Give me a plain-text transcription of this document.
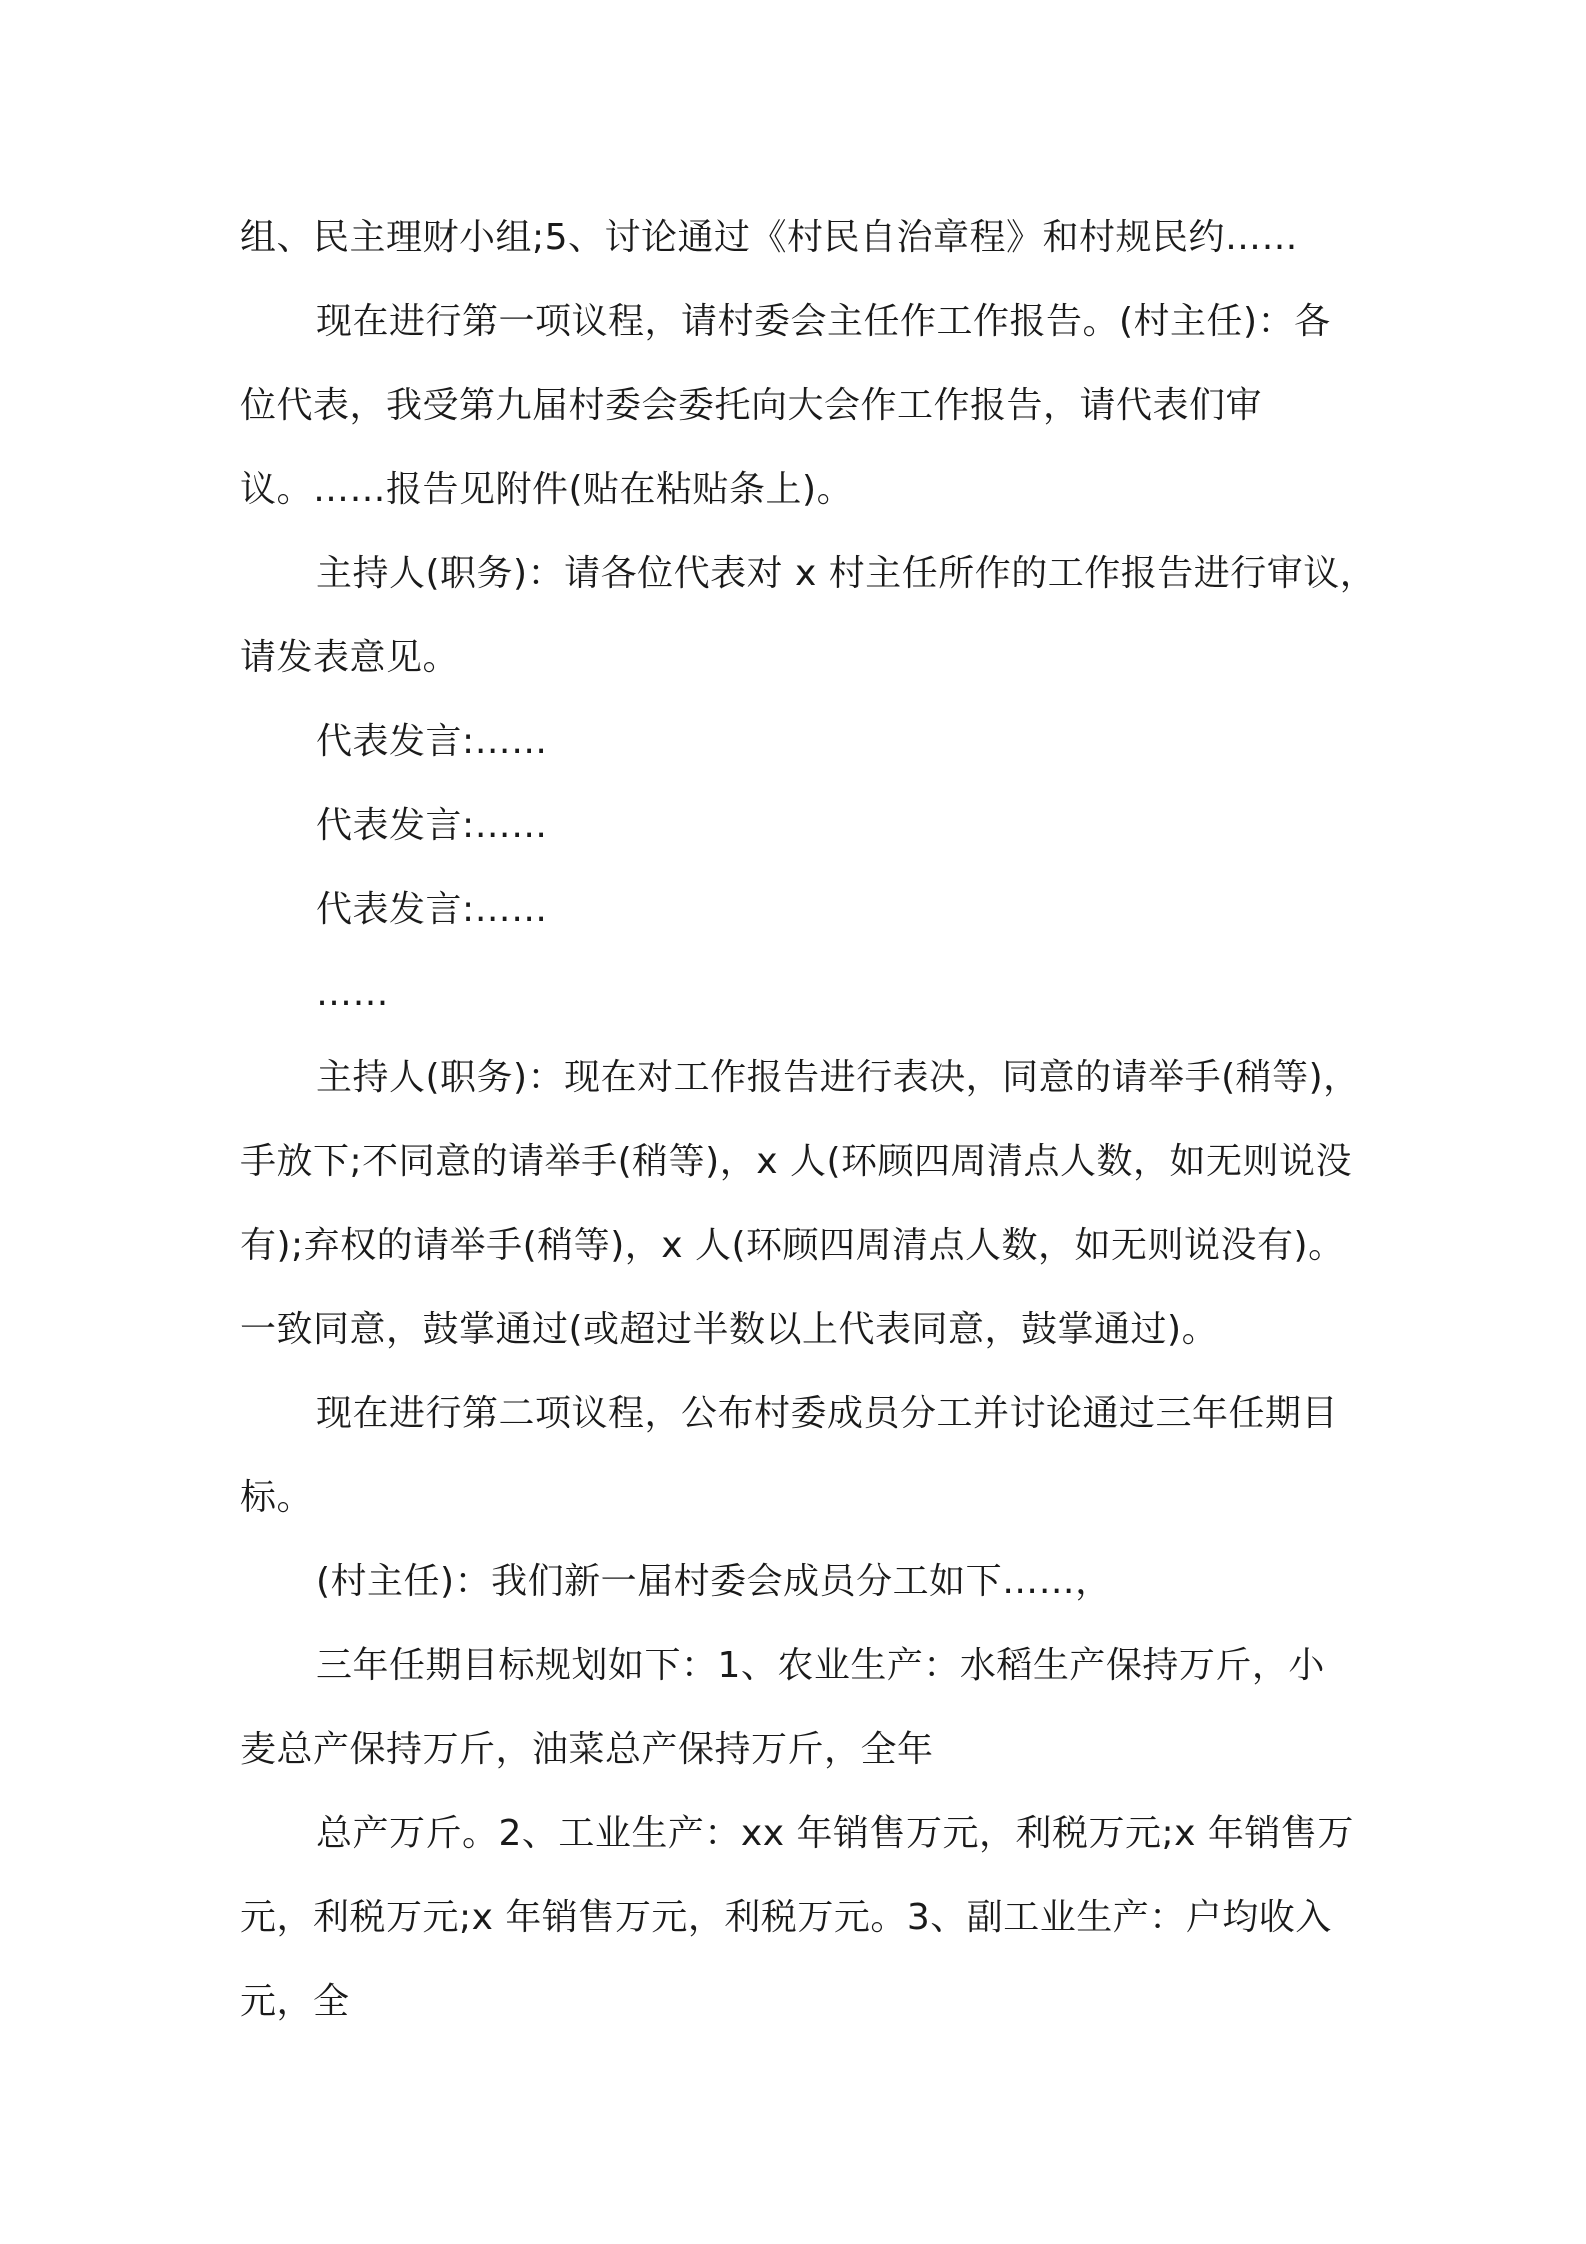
组、民主理财小组;5、讨论通过《村民自治章程》和村规民约……
现在进行第一项议程，请村委会主任作工作报告。(村主任)：各
位代表，我受第九届村委会委托向大会作工作报告，请代表们审
议。……报告见附件(贴在粘贴条上)。
主持人(职务)：请各位代表对 x 村主任所作的工作报告进行审议，
请发表意见。
代表发言:……
代表发言:……
代表发言:……
……
主持人(职务)：现在对工作报告进行表决，同意的请举手(稍等)，
手放下;不同意的请举手(稍等)，x 人(环顾四周清点人数，如无则说没
有);弃权的请举手(稍等)，x 人(环顾四周清点人数，如无则说没有)。
一致同意，鼓掌通过(或超过半数以上代表同意，鼓掌通过)。
现在进行第二项议程，公布村委成员分工并讨论通过三年任期目
标。
(村主任)：我们新一届村委会成员分工如下……，
三年任期目标规划如下：1、农业生产：水稻生产保持万斤，小
麦总产保持万斤，油菜总产保持万斤，全年
总产万斤。2、工业生产：xx 年销售万元，利税万元;x 年销售万
元，利税万元;x 年销售万元，利税万元。3、副工业生产：户均收入
元，全
